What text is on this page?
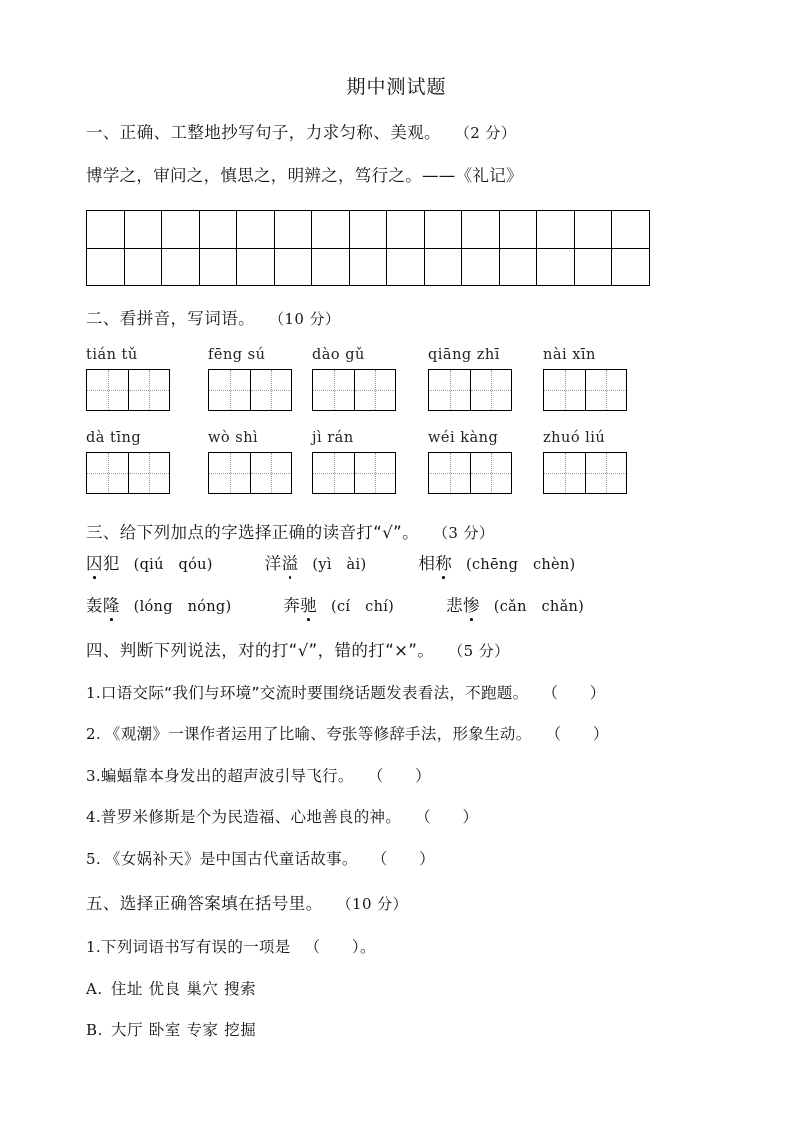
期中测试题
一、正确、工整地抄写句子，力求匀称、美观。 （2 分）
博学之，审问之，慎思之，明辨之，笃行之。——《礼记》
二、看拼音，写词语。 （10 分）
tián tǔ	fēng sú	dào gǔ	qiāng zhī	nài xīn
dà tīng	wò shì	jì rán	wéi kàng	zhuó liú
三、给下列加点的字选择正确的读音打“√”。 （3 分）
囚犯 (qiú　qóu)	洋溢 (yì　ài)	相称 (chēng　chèn)
轰隆 (lóng　nóng)	奔驰 (cí　chí)	悲惨 (cǎn　chǎn)
四、判断下列说法，对的打“√”，错的打“×”。 （5 分）
1.口语交际“我们与环境”交流时要围绕话题发表看法，不跑题。 （　　）
2. 《观潮》一课作者运用了比喻、夸张等修辞手法，形象生动。 （　　）
3.蝙蝠靠本身发出的超声波引导飞行。 （　　）
4.普罗米修斯是个为民造福、心地善良的神。 （　　）
5. 《女娲补天》是中国古代童话故事。 （　　）
五、选择正确答案填在括号里。 （10 分）
1.下列词语书写有误的一项是 （　　）。
A. 住址 优良 巢穴 搜索
B. 大厅 卧室 专家 挖掘
